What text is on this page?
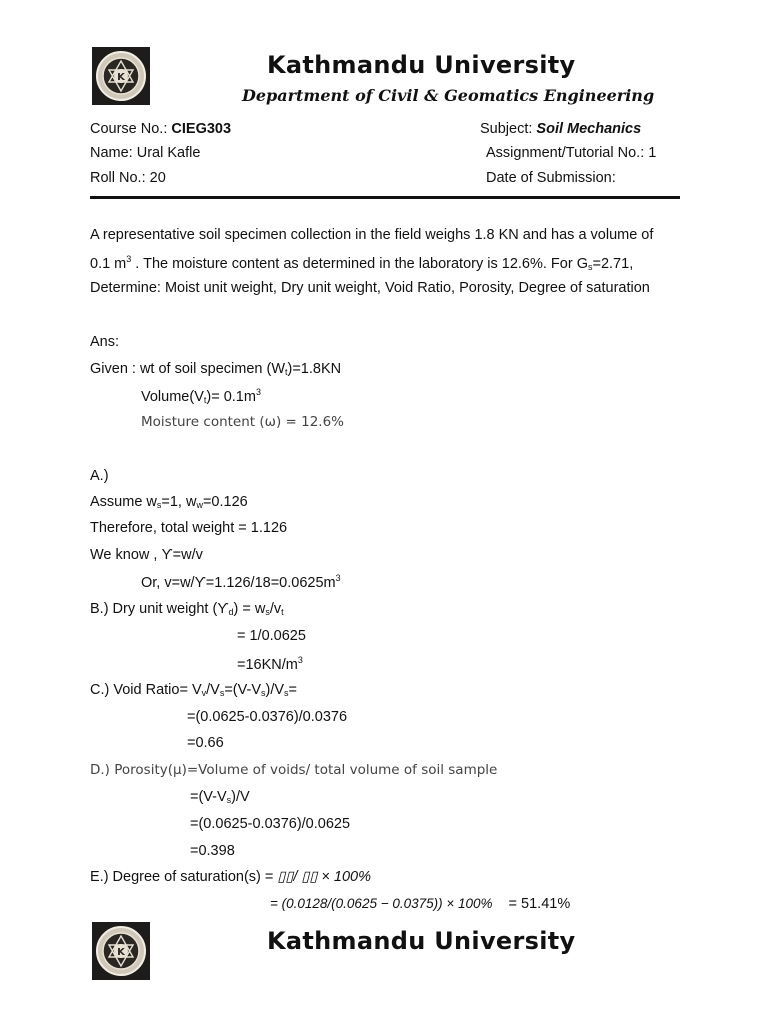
K	Kathmandu University
Department of Civil & Geomatics Engineering
Course No.: CIEG303	Subject: Soil Mechanics
Name: Ural Kafle	Assignment/Tutorial No.: 1
Roll No.: 20	Date of Submission:
A representative soil specimen collection in the field weighs 1.8 KN and has a volume of
0.1 $m^3$ . The moisture content as determined in the laboratory is 12.6%. For $G_s=2.71$,
Determine: Moist unit weight, Dry unit weight, Void Ratio, Porosity, Degree of saturation
Ans:
Given : wt of soil specimen $(W_t)=1.8KN$
$Volume(V_t)= 0.1m^3$
Moisture content (ω) = 12.6%
A.)
Assume $w_s=1$, $w_w=0.126$
Therefore, total weight = 1.126
We know , ϒ=w/v
Or, $v=w/ϒ=1.126/18=0.0625m^3$
B.) Dry unit weight $(ϒ_d) = w_s/v_t$
= 1/0.0625
$=16KN/m^3$
C.) Void Ratio= $V_v/V_s=(V-V_s)/V_s=$
=(0.0625-0.0376)/0.0376
=0.66
D.) Porosity(μ)=Volume of voids/ total volume of soil sample
$=(V-V_s)/V$
=(0.0625-0.0376)/0.0625
=0.398
E.) Degree of saturation(s) = ▯▯/ ▯▯ × 100%
= (0.0128/(0.0625 − 0.0375)) × 100% = 51.41%
K	Kathmandu University
